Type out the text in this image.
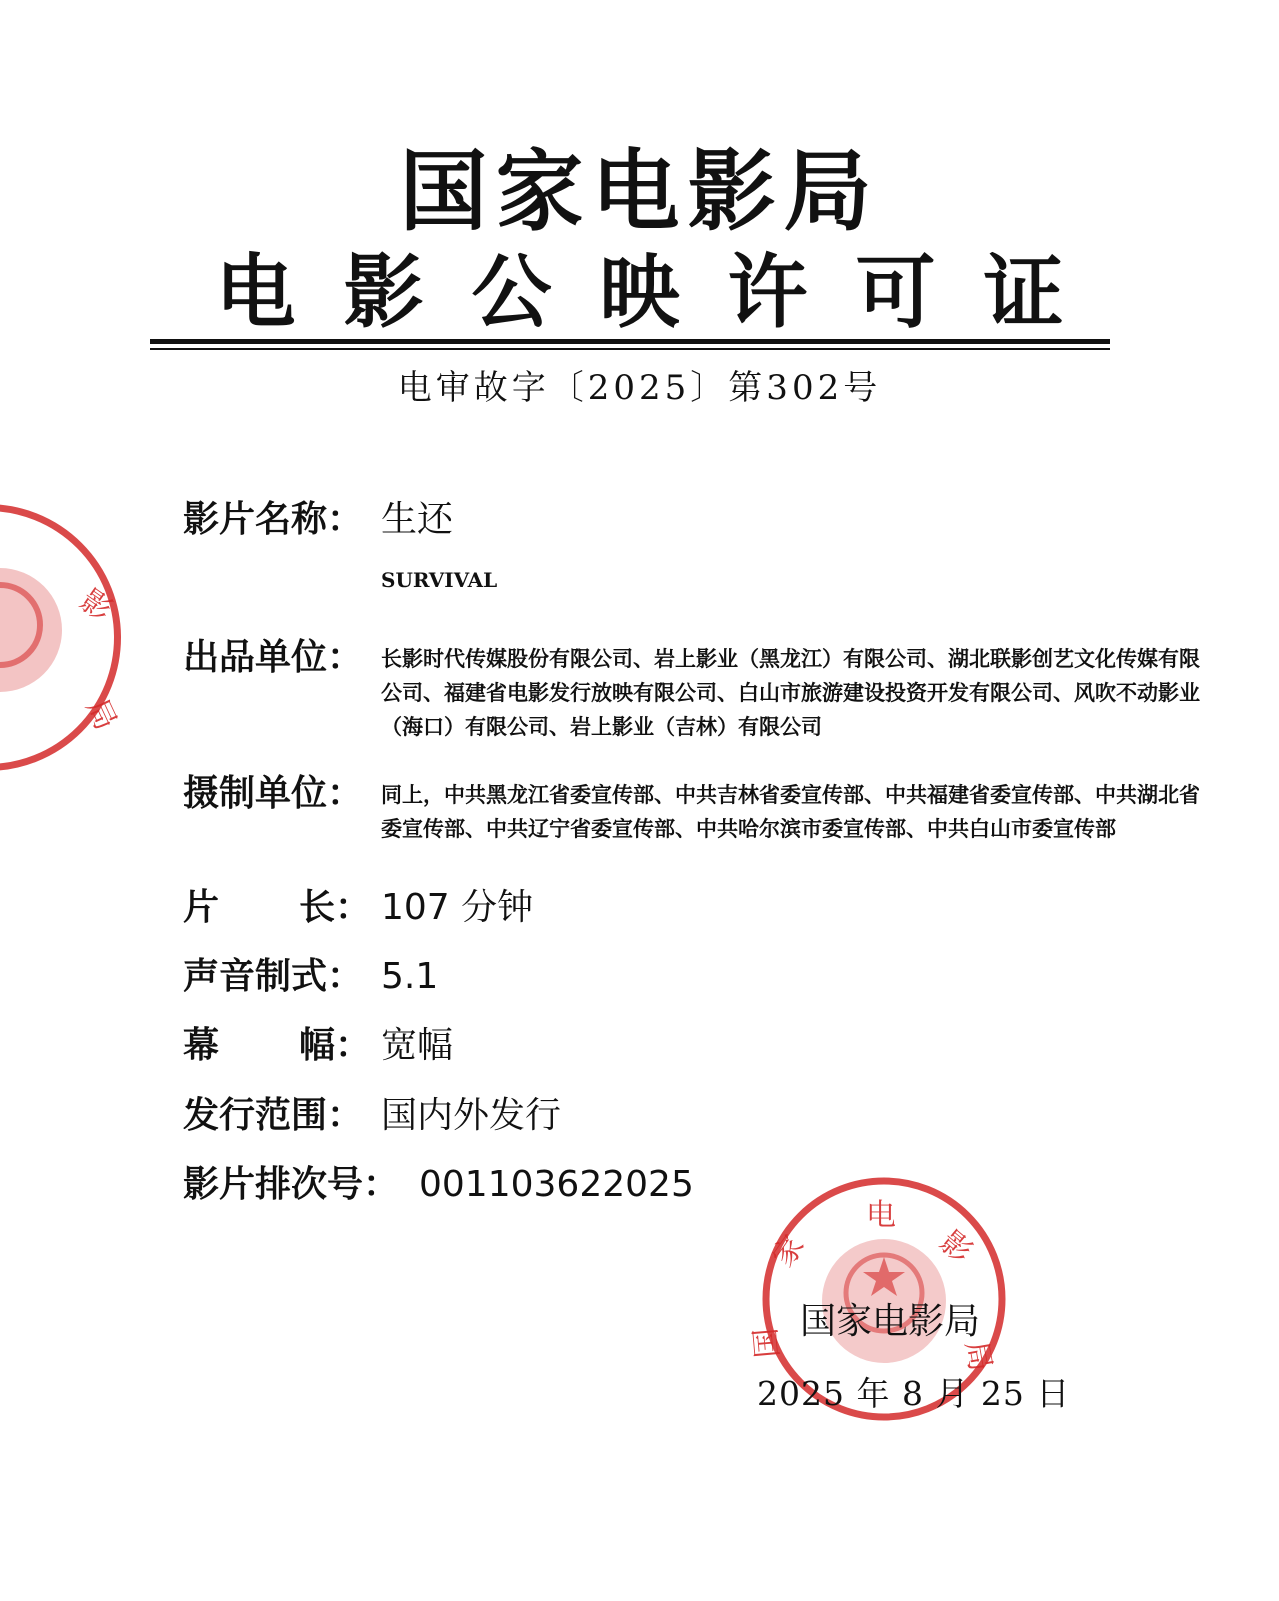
国家电影局
电影公映许可证
电审故字〔2025〕第302号
影
局
影片名称： 生还
SURVIVAL
出品单位： 长影时代传媒股份有限公司、岩上影业（黑龙江）有限公司、湖北联影创艺文化传媒有限公司、福建省电影发行放映有限公司、白山市旅游建设投资开发有限公司、风吹不动影业（海口）有限公司、岩上影业（吉林）有限公司
摄制单位： 同上，中共黑龙江省委宣传部、中共吉林省委宣传部、中共福建省委宣传部、中共湖北省委宣传部、中共辽宁省委宣传部、中共哈尔滨市委宣传部、中共白山市委宣传部
片长： 107 分钟
声音制式： 5.1
幕幅： 宽幅
发行范围： 国内外发行
影片排次号： 001103622025
电
影
家
国	局
国家电影局
2025 年 8 月 25 日
